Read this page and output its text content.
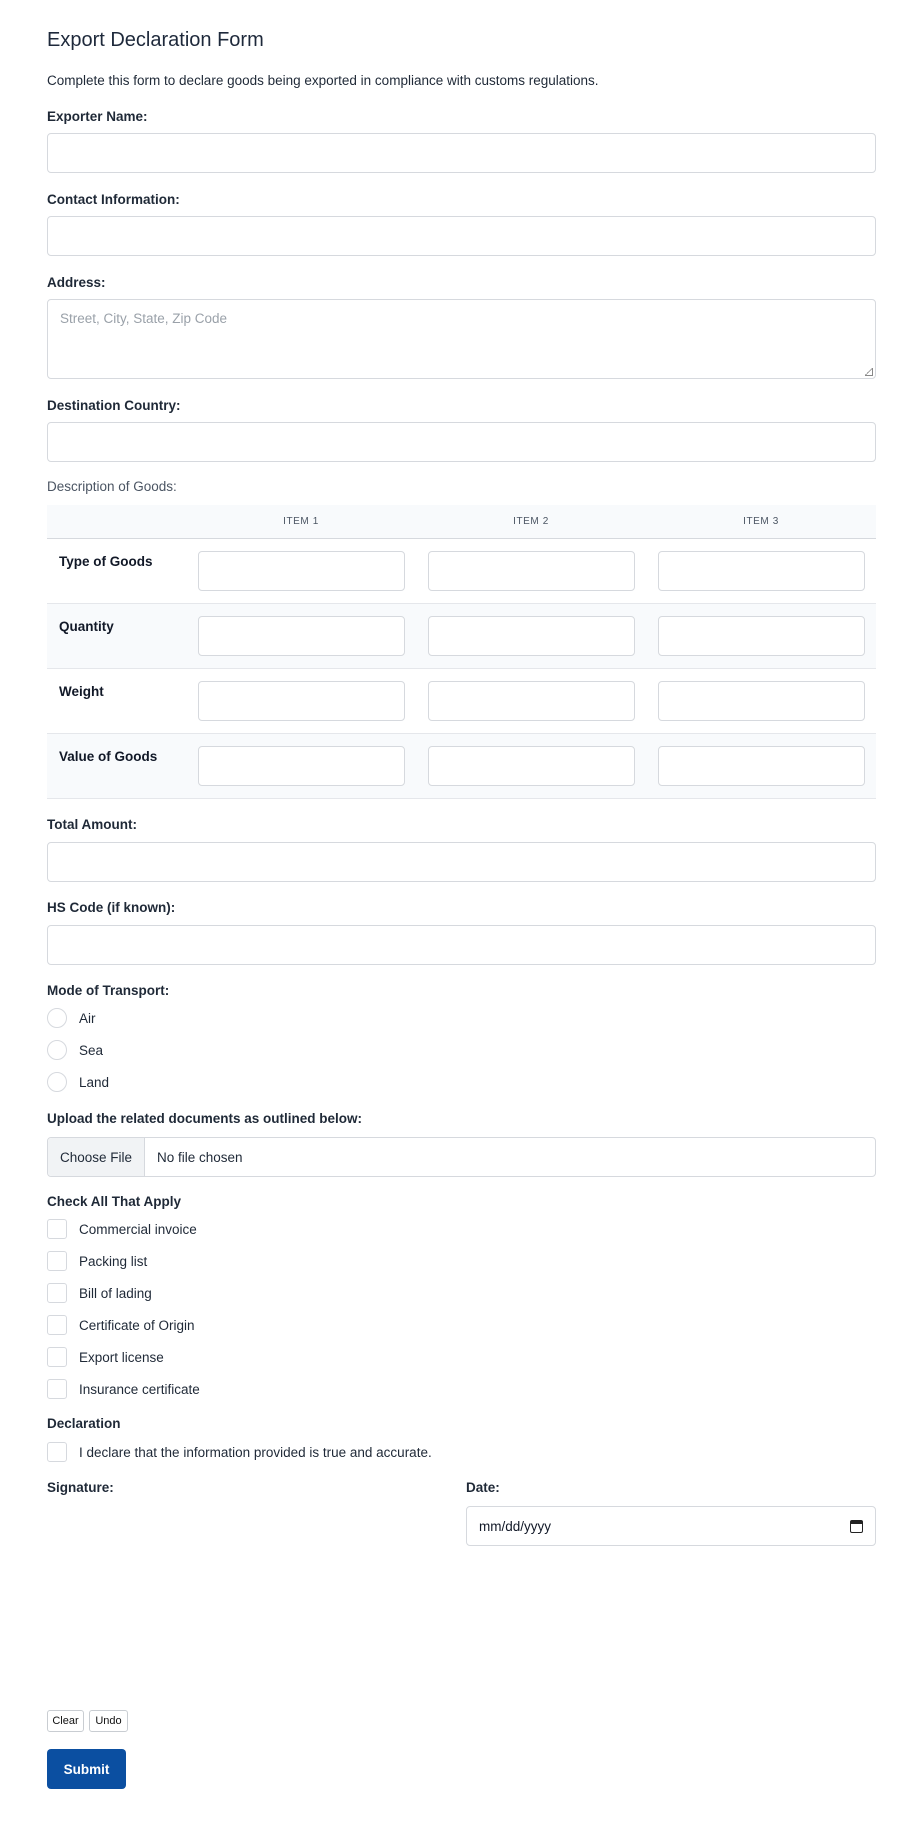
Export Declaration Form
Complete this form to declare goods being exported in compliance with customs regulations.
Exporter Name:
Contact Information:
Address:
Street, City, State, Zip Code
Destination Country:
Description of Goods:
	ITEM 1	ITEM 2	ITEM 3
Type of Goods			
Quantity			
Weight			
Value of Goods			
Total Amount:
HS Code (if known):
Mode of Transport:
Air
Sea
Land
Upload the related documents as outlined below:
Choose File	No file chosen
Check All That Apply
Commercial invoice
Packing list
Bill of lading
Certificate of Origin
Export license
Insurance certificate
Declaration
I declare that the information provided is true and accurate.
Signature:	Date:
mm/dd/yyyy
Clear	Undo
Submit
